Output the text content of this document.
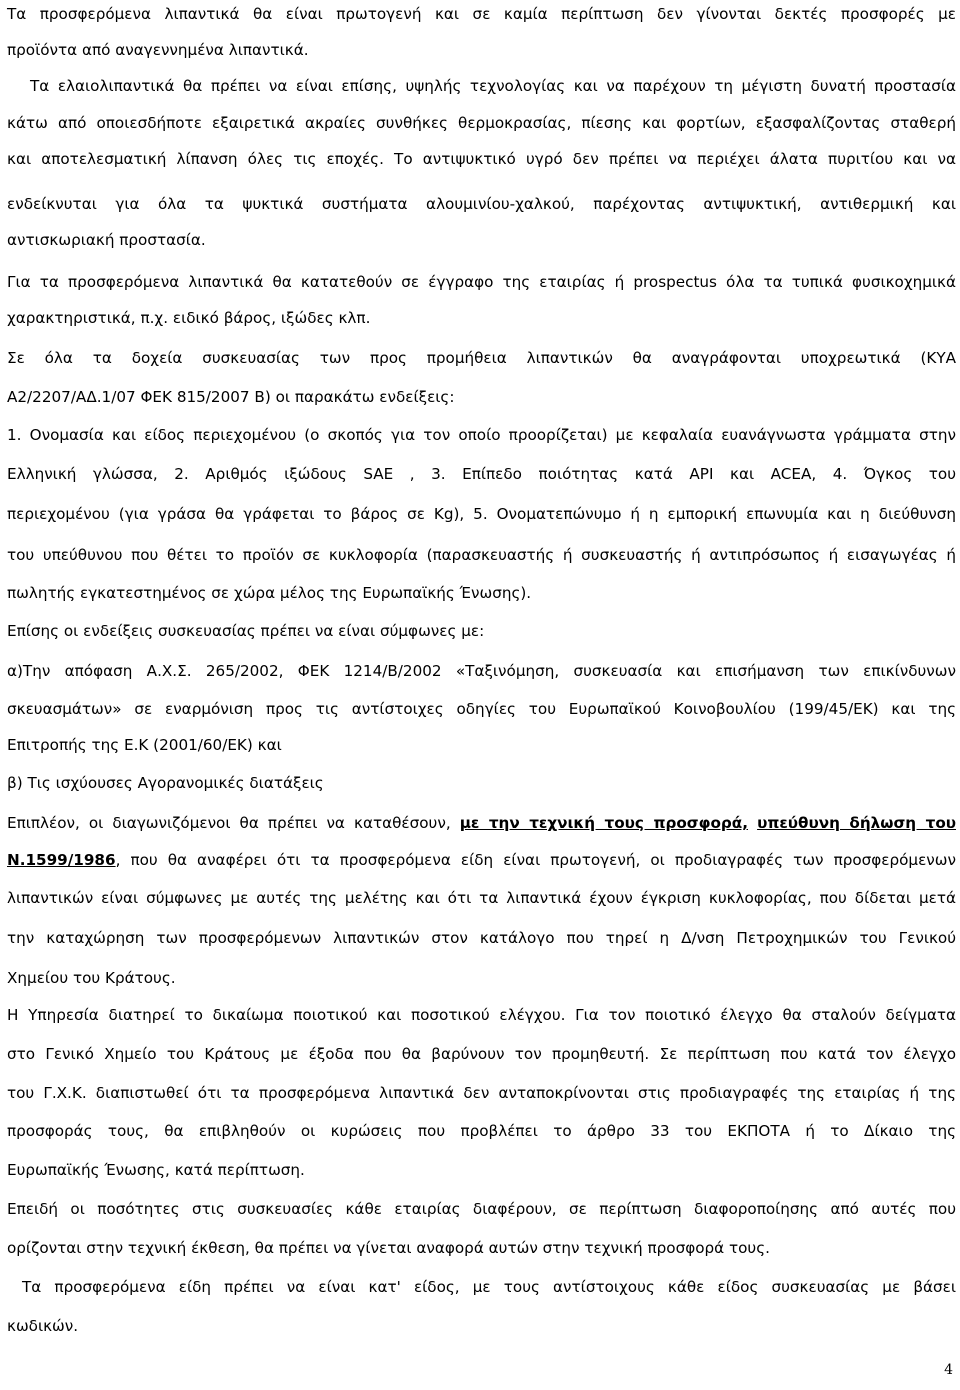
Τα προσφερόμενα λιπαντικά θα είναι πρωτογενή και σε καμία περίπτωση δεν γίνονται δεκτές προσφορές με

προϊόντα από αναγεννημένα λιπαντικά.

Τα ελαιολιπαντικά θα πρέπει να είναι επίσης, υψηλής τεχνολογίας και να παρέχουν τη μέγιστη δυνατή προστασία

κάτω από οποιεσδήποτε εξαιρετικά ακραίες συνθήκες θερμοκρασίας, πίεσης και φορτίων, εξασφαλίζοντας σταθερή

και αποτελεσματική λίπανση όλες τις εποχές. Το αντιψυκτικό υγρό δεν πρέπει να περιέχει άλατα πυριτίου και να

ενδείκνυται για όλα τα ψυκτικά συστήματα αλουμινίου-χαλκού, παρέχοντας αντιψυκτική, αντιθερμική και

αντισκωριακή προστασία.

Για τα προσφερόμενα λιπαντικά θα κατατεθούν σε έγγραφο της εταιρίας ή prospectus όλα τα τυπικά φυσικοχημικά

χαρακτηριστικά, π.χ. ειδικό βάρος, ιξώδες κλπ.

Σε όλα τα δοχεία συσκευασίας των προς προμήθεια λιπαντικών θα αναγράφονται υποχρεωτικά (ΚΥΑ

Α2/2207/ΑΔ.1/07 ΦΕΚ 815/2007 Β) οι παρακάτω ενδείξεις:

1. Ονομασία και είδος περιεχομένου (ο σκοπός για τον οποίο προορίζεται) με κεφαλαία ευανάγνωστα γράμματα στην

Ελληνική γλώσσα, 2. Αριθμός ιξώδους SAE , 3. Επίπεδο ποιότητας κατά API και ACEA, 4. Όγκος του

περιεχομένου (για γράσα θα γράφεται το βάρος σε Kg), 5. Ονοματεπώνυμο ή η εμπορική επωνυμία και η διεύθυνση

του υπεύθυνου που θέτει το προϊόν σε κυκλοφορία (παρασκευαστής ή συσκευαστής ή αντιπρόσωπος ή εισαγωγέας ή

πωλητής εγκατεστημένος σε χώρα μέλος της Ευρωπαϊκής Ένωσης).

Επίσης οι ενδείξεις συσκευασίας πρέπει να είναι σύμφωνες με:

α)Την απόφαση Α.Χ.Σ. 265/2002, ΦΕΚ 1214/Β/2002 «Ταξινόμηση, συσκευασία και επισήμανση των επικίνδυνων

σκευασμάτων» σε εναρμόνιση προς τις αντίστοιχες οδηγίες του Ευρωπαϊκού Κοινοβουλίου (199/45/ΕΚ) και της

Επιτροπής της Ε.Κ (2001/60/ΕΚ) και

β) Τις ισχύουσες Αγορανομικές διατάξεις

Επιπλέον, οι διαγωνιζόμενοι θα πρέπει να καταθέσουν, με την τεχνική τους προσφορά, υπεύθυνη δήλωση του

Ν.1599/1986, που θα αναφέρει ότι τα προσφερόμενα είδη είναι πρωτογενή, οι προδιαγραφές των προσφερόμενων

λιπαντικών είναι σύμφωνες με αυτές της μελέτης και ότι τα λιπαντικά έχουν έγκριση κυκλοφορίας, που δίδεται μετά

την καταχώρηση των προσφερόμενων λιπαντικών στον κατάλογο που τηρεί η Δ/νση Πετροχημικών του Γενικού

Χημείου του Κράτους.

Η Υπηρεσία διατηρεί το δικαίωμα ποιοτικού και ποσοτικού ελέγχου. Για τον ποιοτικό έλεγχο θα σταλούν δείγματα

στο Γενικό Χημείο του Κράτους με έξοδα που θα βαρύνουν τον προμηθευτή. Σε περίπτωση που κατά τον έλεγχο

του Γ.Χ.Κ. διαπιστωθεί ότι τα προσφερόμενα λιπαντικά δεν ανταποκρίνονται στις προδιαγραφές της εταιρίας ή της

προσφοράς τους, θα επιβληθούν οι κυρώσεις που προβλέπει το άρθρο 33 του ΕΚΠΟΤΑ ή το Δίκαιο της

Ευρωπαϊκής Ένωσης, κατά περίπτωση.

Επειδή οι ποσότητες στις συσκευασίες κάθε εταιρίας διαφέρουν, σε περίπτωση διαφοροποίησης από αυτές που

ορίζονται στην τεχνική έκθεση, θα πρέπει να γίνεται αναφορά αυτών στην τεχνική προσφορά τους.

Τα προσφερόμενα είδη πρέπει να είναι κατ' είδος, με τους αντίστοιχους κάθε είδος συσκευασίας με βάσει

κωδικών.

4
